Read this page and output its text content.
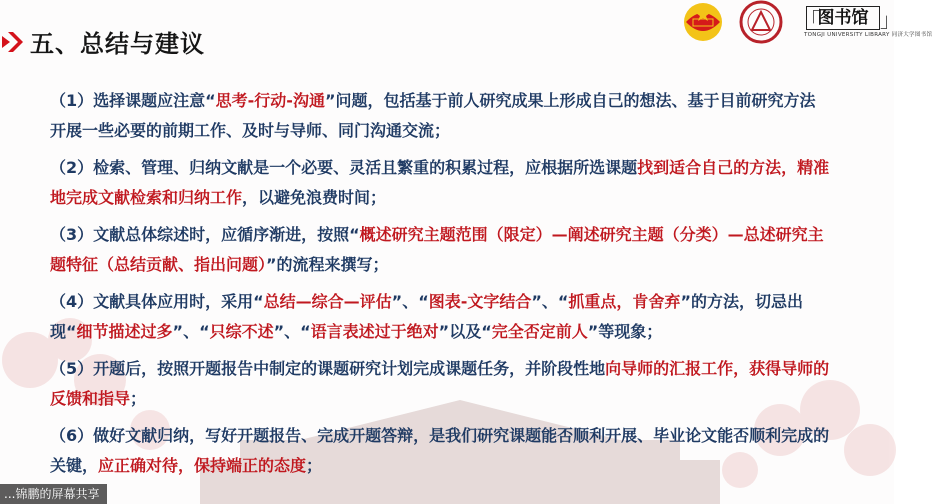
五、总结与建议
「
图书馆 」
TONGJI UNIVERSITY LIBRARY 同济大学图书馆
（1）选择课题应注意“思考-行动-沟通”问题，包括基于前人研究成果上形成自己的想法、基于目前研究方法开展一些必要的前期工作、及时与导师、同门沟通交流；
（2）检索、管理、归纳文献是一个必要、灵活且繁重的积累过程，应根据所选课题找到适合自己的方法，精准地完成文献检索和归纳工作，以避免浪费时间；
（3）文献总体综述时，应循序渐进，按照“概述研究主题范围（限定）—阐述研究主题（分类）—总述研究主题特征（总结贡献、指出问题）”的流程来撰写；
（4）文献具体应用时，采用“总结—综合—评估”、“图表-文字结合”、“抓重点，肯舍弃”的方法，切忌出现“细节描述过多”、“只综不述”、“语言表述过于绝对”以及“完全否定前人”等现象；
（5）开题后，按照开题报告中制定的课题研究计划完成课题任务，并阶段性地向导师的汇报工作，获得导师的反馈和指导；
（6）做好文献归纳，写好开题报告、完成开题答辩，是我们研究课题能否顺利开展、毕业论文能否顺利完成的关键，应正确对待，保持端正的态度；
...锦鹏的屏幕共享
